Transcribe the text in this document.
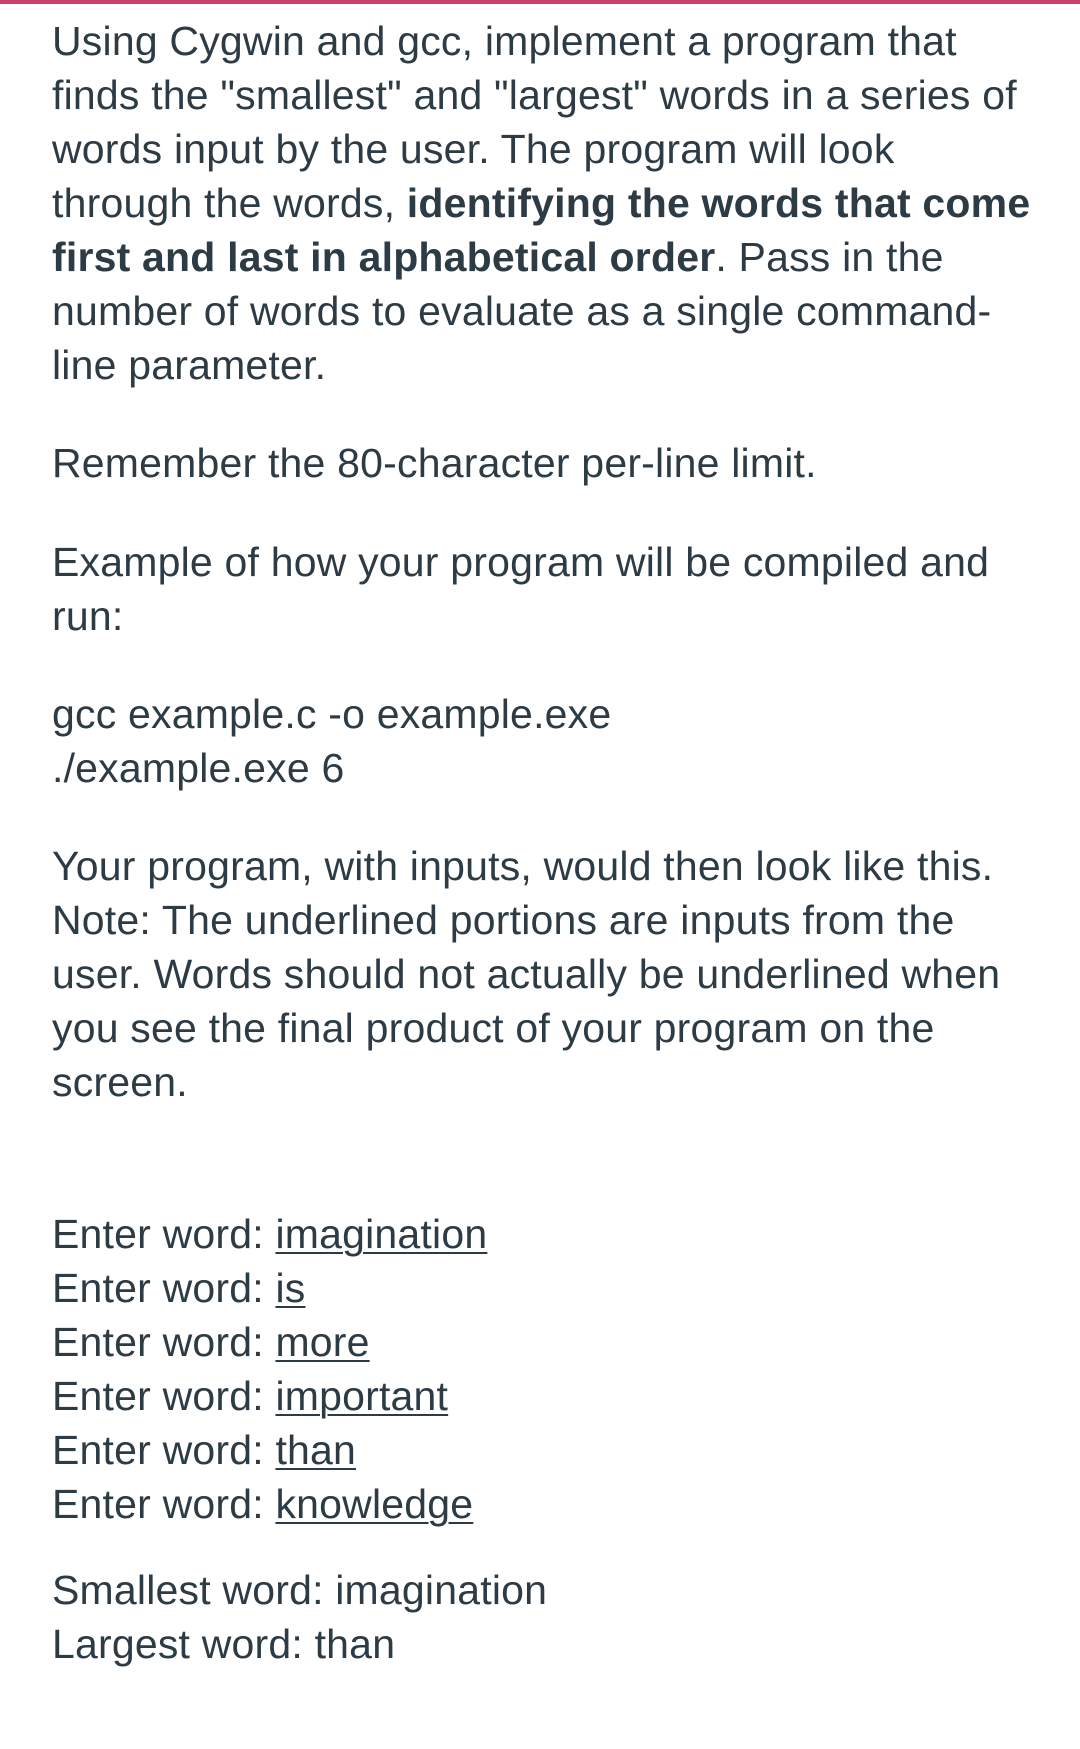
Using Cygwin and gcc, implement a program that finds the "smallest" and "largest" words in a series of words input by the user. The program will look through the words, identifying the words that come first and last in alphabetical order. Pass in the number of words to evaluate as a single command-line parameter.

Remember the 80-character per-line limit.

Example of how your program will be compiled and run:

gcc example.c -o example.exe
./example.exe 6

Your program, with inputs, would then look like this. Note: The underlined portions are inputs from the user. Words should not actually be underlined when you see the final product of your program on the screen.

Enter word: imagination
Enter word: is
Enter word: more
Enter word: important
Enter word: than
Enter word: knowledge

Smallest word: imagination
Largest word: than
